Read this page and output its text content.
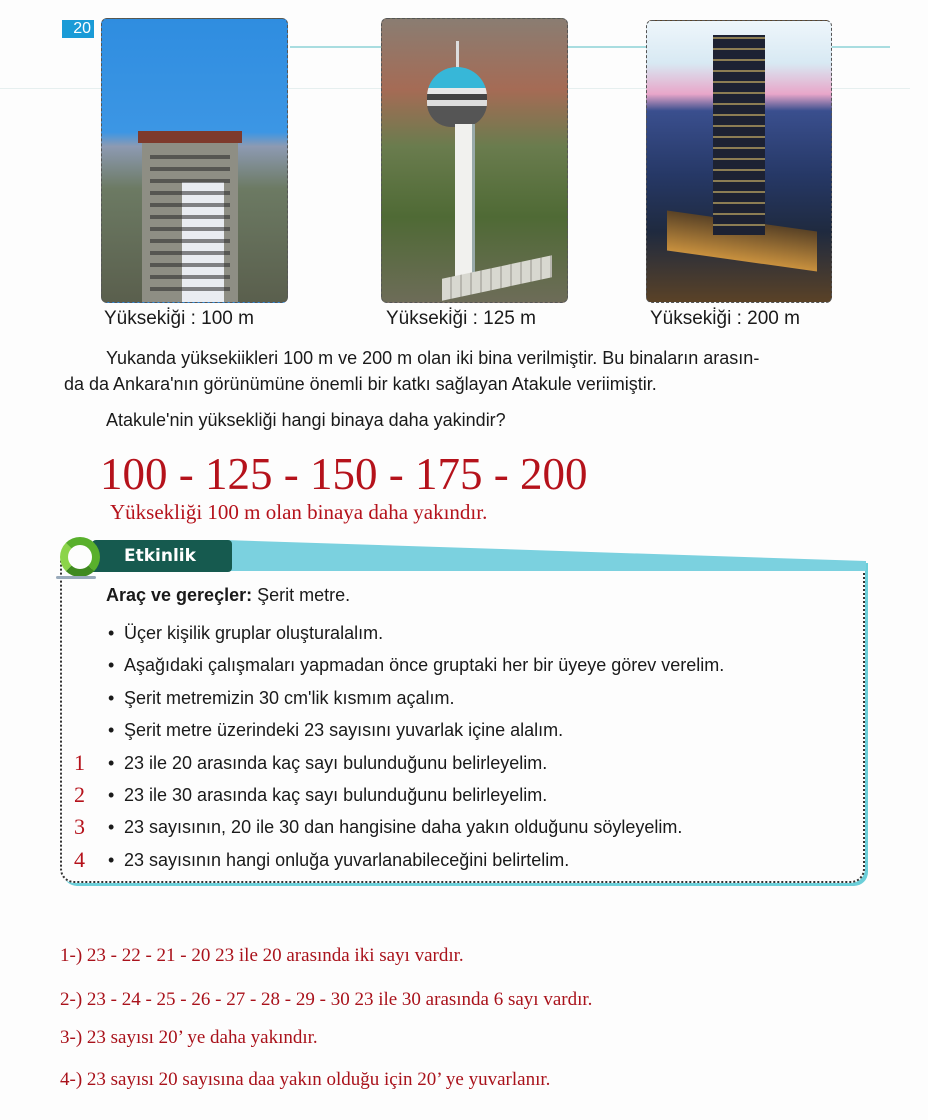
20
Yükseki̇ği : 100 m	Yükseki̇ği : 125 m	Yükseki̇ği : 200 m
Yukanda yüksekiikleri 100 m ve 200 m olan iki bina verilmiştir. Bu binaların arasın-
da da Ankara'nın görünümüne önemli bir katkı sağlayan Atakule veriimiştir.
Atakule'nin yüksekliği hangi binaya daha yakindir?
100 - 125 - 150 - 175 - 200
Yüksekliği 100 m olan binaya daha yakındır.
Etkinlik
Araç ve gereçler: Şerit metre.
• Üçer kişilik gruplar oluşturalalım.
• Aşağıdaki çalışmaları yapmadan önce gruptaki her bir üyeye görev verelim.
• Şerit metremizin 30 cm'lik kısmım açalım.
• Şerit metre üzerindeki 23 sayısını yuvarlak içine alalım.
1 • 23 ile 20 arasında kaç sayı bulunduğunu belirleyelim.
2 • 23 ile 30 arasında kaç sayı bulunduğunu belirleyelim.
3 • 23 sayısının, 20 ile 30 dan hangisine daha yakın olduğunu söyleyelim.
4 • 23 sayısının hangi onluğa yuvarlanabileceğini belirtelim.
1-) 23 - 22 - 21 - 20 23 ile 20 arasında iki sayı vardır.
2-) 23 - 24 - 25 - 26 - 27 - 28 - 29 - 30 23 ile 30 arasında 6 sayı vardır.
3-) 23 sayısı 20’ ye daha yakındır.
4-) 23 sayısı 20 sayısına daa yakın olduğu için 20’ ye yuvarlanır.
